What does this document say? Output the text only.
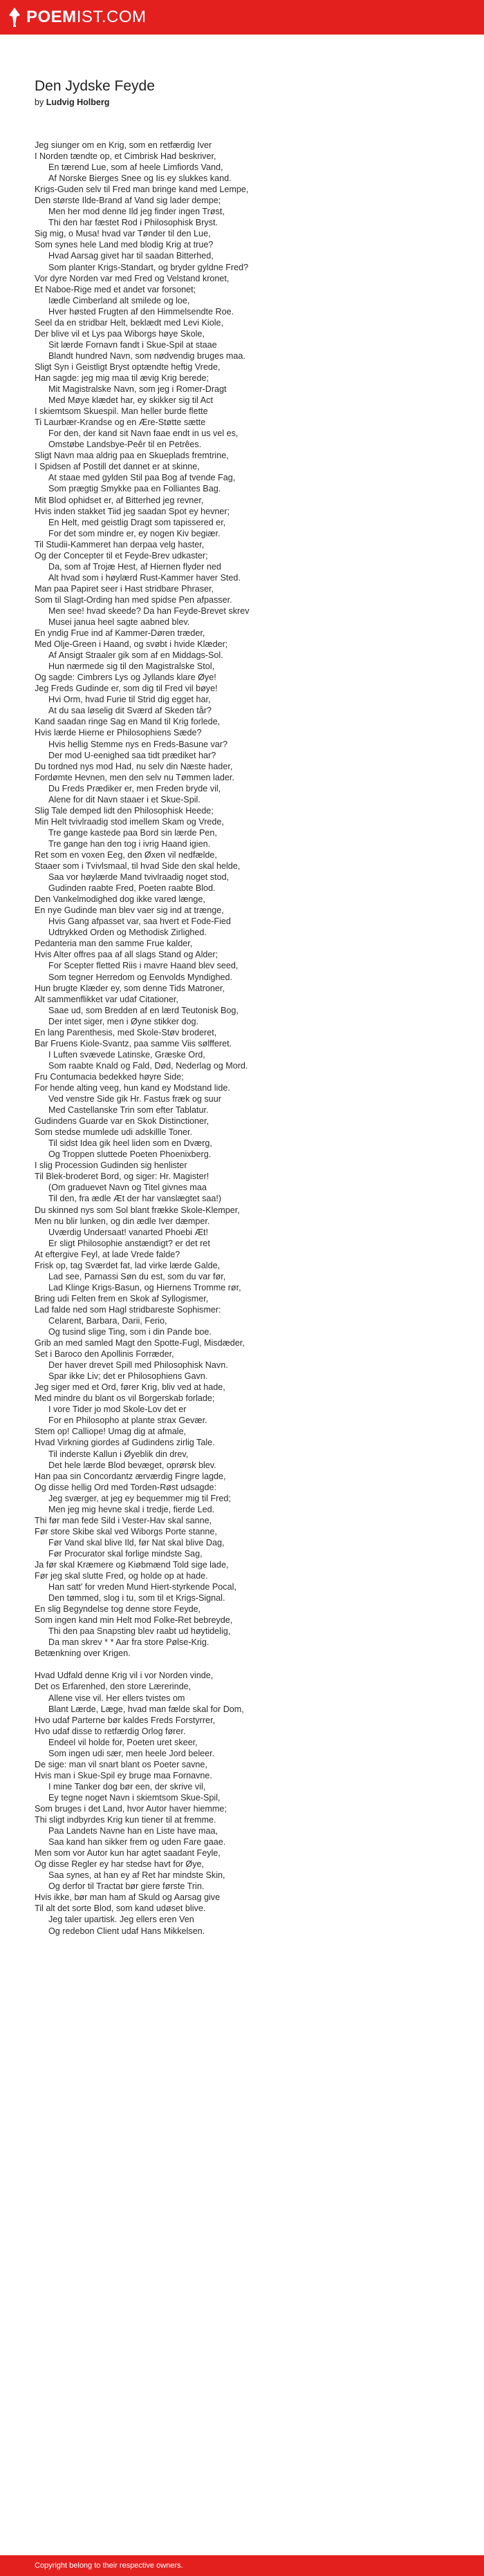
POEMIST.COM
Den Jydske Feyde
by Ludvig Holberg
Jeg siunger om en Krig, som en retfærdig Iver
I Norden tændte op, et Cimbrisk Had beskriver,
En tærend Lue, som af heele Limfiords Vand,
Af Norske Bierges Snee og Iis ey slukkes kand.
Krigs-Guden selv til Fred man bringe kand med Lempe,
Den største Ilde-Brand af Vand sig lader dempe;
Men her mod denne Ild jeg finder ingen Trøst,
Thi den har fæstet Rod i Philosophisk Bryst.
Sig mig, o Musa! hvad var Tønder til den Lue,
Som synes hele Land med blodig Krig at true?
Hvad Aarsag givet har til saadan Bitterhed,
Som planter Krigs-Standart, og bryder gyldne Fred?
Vor dyre Norden var med Fred og Velstand kronet,
Et Naboe-Rige med et andet var forsonet;
Iædle Cimberland alt smilede og loe,
Hver høsted Frugten af den Himmelsendte Roe.
Seel da en stridbar Helt, beklædt med Levi Kiole,
Der blive vil et Lys paa Wiborgs høye Skole,
Sit lærde Fornavn fandt i Skue-Spil at staae
Blandt hundred Navn, som nødvendig bruges maa.
Sligt Syn i Geistligt Bryst optændte heftig Vrede,
Han sagde: jeg mig maa til ævig Krig berede;
Mit Magistralske Navn, som jeg i Romer-Dragt
Med Møye klædet har, ey skikker sig til Act
I skiemtsom Skuespil. Man heller burde flette
Ti Laurbær-Krandse og en Ære-Støtte sætte
For den, der kand sit Navn faae endt in us vel es,
Omstøbe Landsbye-Peêr til en Petrêes.
Sligt Navn maa aldrig paa en Skueplads fremtrine,
I Spidsen af Postill det dannet er at skinne,
At staae med gylden Stil paa Bog af tvende Fag,
Som prægtig Smykke paa en Folliantes Bag.
Mit Blod ophidset er, af Bitterhed jeg revner,
Hvis inden stakket Tiid jeg saadan Spot ey hevner;
En Helt, med geistlig Dragt som tapissered er,
For det som mindre er, ey nogen Kiv begiær.
Til Studii-Kammeret han derpaa velg haster,
Og der Concepter til et Feyde-Brev udkaster;
Da, som af Trojæ Hest, af Hiernen flyder ned
Alt hvad som i høylærd Rust-Kammer haver Sted.
Man paa Papiret seer i Hast stridbare Phraser,
Som til Slagt-Ording han med spidse Pen afpasser.
Men see! hvad skeede? Da han Feyde-Brevet skrev
Musei janua heel sagte aabned blev.
En yndig Frue ind af Kammer-Døren træder,
Med Olje-Green i Haand, og svøbt i hvide Klæder;
Af Ansigt Straaler gik som af en Middags-Sol.
Hun nærmede sig til den Magistralske Stol,
Og sagde: Cimbrers Lys og Jyllands klare Øye!
Jeg Freds Gudinde er, som dig til Fred vil bøye!
Hvi Orm, hvad Furie til Strid dig egget har,
At du saa løselig dit Sværd af Skeden tår?
Kand saadan ringe Sag en Mand til Krig forlede,
Hvis lærde Hierne er Philosophiens Sæde?
Hvis hellig Stemme nys en Freds-Basune var?
Der mod U-eenighed saa tidt prædiket har?
Du tordned nys mod Had, nu selv din Næste hader,
Fordømte Hevnen, men den selv nu Tømmen lader.
Du Freds Prædiker er, men Freden bryde vil,
Alene for dit Navn staaer i et Skue-Spil.
Slig Tale demped lidt den Philosophisk Heede;
Min Helt tvivlraadig stod imellem Skam og Vrede,
Tre gange kastede paa Bord sin lærde Pen,
Tre gange han den tog i ivrig Haand igien.
Ret som en voxen Eeg, den Øxen vil nedfælde,
Staaer som i Tvivlsmaal, til hvad Side den skal helde,
Saa vor høylærde Mand tvivlraadig noget stod,
Gudinden raabte Fred, Poeten raabte Blod.
Den Vankelmodighed dog ikke vared længe,
En nye Gudinde man blev vaer sig ind at trænge,
Hvis Gang afpasset var, saa hvert et Fode-Fied
Udtrykked Orden og Methodisk Zirlighed.
Pedanteria man den samme Frue kalder,
Hvis Alter offres paa af all slags Stand og Alder;
For Scepter fletted Riis i mavre Haand blev seed,
Som tegner Herredom og Eenvolds Myndighed.
Hun brugte Klæder ey, som denne Tids Matroner,
Alt sammenflikket var udaf Citationer,
Saae ud, som Bredden af en lærd Teutonisk Bog,
Der intet siger, men i Øyne stikker dog.
En lang Parenthesis, med Skole-Støv broderet,
Bar Fruens Kiole-Svantz, paa samme Viis sølfferet.
I Luften svævede Latinske, Græske Ord,
Som raabte Knald og Fald, Død, Nederlag og Mord.
Fru Contumacia bedekked høyre Side;
For hende alting veeg, hun kand ey Modstand lide.
Ved venstre Side gik Hr. Fastus fræk og suur
Med Castellanske Trin som efter Tablatur.
Gudindens Guarde var en Skok Distinctioner,
Som stedse mumlede udi adskillle Toner.
Til sidst Idea gik heel liden som en Dværg,
Og Troppen sluttede Poeten Phoenixberg.
I slig Procession Gudinden sig henlister
Til Blek-broderet Bord, og siger: Hr. Magister!
(Om graduevet Navn og Titel givnes maa
Til den, fra ædle Æt der har vanslægtet saa!)
Du skinned nys som Sol blant frække Skole-Klemper,
Men nu blir lunken, og din ædle Iver dæmper.
Uværdig Undersaat! vanarted Phoebi Æt!
Er sligt Philosophie anstændigt? er det ret
At eftergive Feyl, at lade Vrede falde?
Frisk op, tag Sværdet fat, lad virke lærde Galde,
Lad see, Parnassi Søn du est, som du var før,
Lad Klinge Krigs-Basun, og Hiernens Tromme rør,
Bring udi Felten frem en Skok af Syllogismer,
Lad falde ned som Hagl stridbareste Sophismer:
Celarent, Barbara, Darii, Ferio,
Og tusind slige Ting, som i din Pande boe.
Grib an med samled Magt den Spotte-Fugl, Misdæder,
Set i Baroco den Apollinis Forræder,
Der haver drevet Spill med Philosophisk Navn.
Spar ikke Liv; det er Philosophiens Gavn.
Jeg siger med et Ord, fører Krig, bliv ved at hade,
Med mindre du blant os vil Borgerskab forlade;
I vore Tider jo mod Skole-Lov det er
For en Philosopho at plante strax Gevær.
Stem op! Calliope! Umag dig at afmale,
Hvad Virkning giordes af Gudindens zirlig Tale.
Til inderste Kallun i Øyeblik din drev,
Det hele lærde Blod bevæget, oprørsk blev.
Han paa sin Concordantz ærværdig Fingre lagde,
Og disse hellig Ord med Torden-Røst udsagde:
Jeg sværger, at jeg ey bequemmer mig til Fred;
Men jeg mig hevne skal i tredje, fierde Led.
Thi før man fede Sild i Vester-Hav skal sanne,
Før store Skibe skal ved Wiborgs Porte stanne,
Før Vand skal blive Ild, før Nat skal blive Dag,
Før Procurator skal forlige mindste Sag,
Ja før skal Kræmere og Kiøbmænd Told sige lade,
Før jeg skal slutte Fred, og holde op at hade.
Han satt' for vreden Mund Hiert-styrkende Pocal,
Den tømmed, slog i tu, som til et Krigs-Signal.
En slig Begyndelse tog denne store Feyde,
Som ingen kand min Helt mod Folke-Ret bebreyde,
Thi den paa Snapsting blev raabt ud høytidelig,
Da man skrev * * Aar fra store Pølse-Krig.
Betænkning over Krigen.
Hvad Udfald denne Krig vil i vor Norden vinde,
Det os Erfarenhed, den store Lærerinde,
Allene vise vil. Her ellers tvistes om
Blant Lærde, Læge, hvad man fælde skal for Dom,
Hvo udaf Parterne bør kaldes Freds Forstyrrer,
Hvo udaf disse to retfærdig Orlog fører.
Endeel vil holde for, Poeten uret skeer,
Som ingen udi sær, men heele Jord beleer.
De sige: man vil snart blant os Poeter savne,
Hvis man i Skue-Spil ey bruge maa Fornavne.
I mine Tanker dog bør een, der skrive vil,
Ey tegne noget Navn i skiemtsom Skue-Spil,
Som bruges i det Land, hvor Autor haver hiemme;
Thi sligt indbyrdes Krig kun tiener til at fremme.
Paa Landets Navne han en Liste have maa,
Saa kand han sikker frem og uden Fare gaae.
Men som vor Autor kun har agtet saadant Feyle,
Og disse Regler ey har stedse havt for Øye,
Saa synes, at han ey af Ret har mindste Skin,
Og derfor til Tractat bør giere første Trin.
Hvis ikke, bør man ham af Skuld og Aarsag give
Til alt det sorte Blod, som kand udøset blive.
Jeg taler upartisk. Jeg ellers eren Ven
Og redebon Client udaf Hans Mikkelsen.
Copyright belong to their respective owners.
